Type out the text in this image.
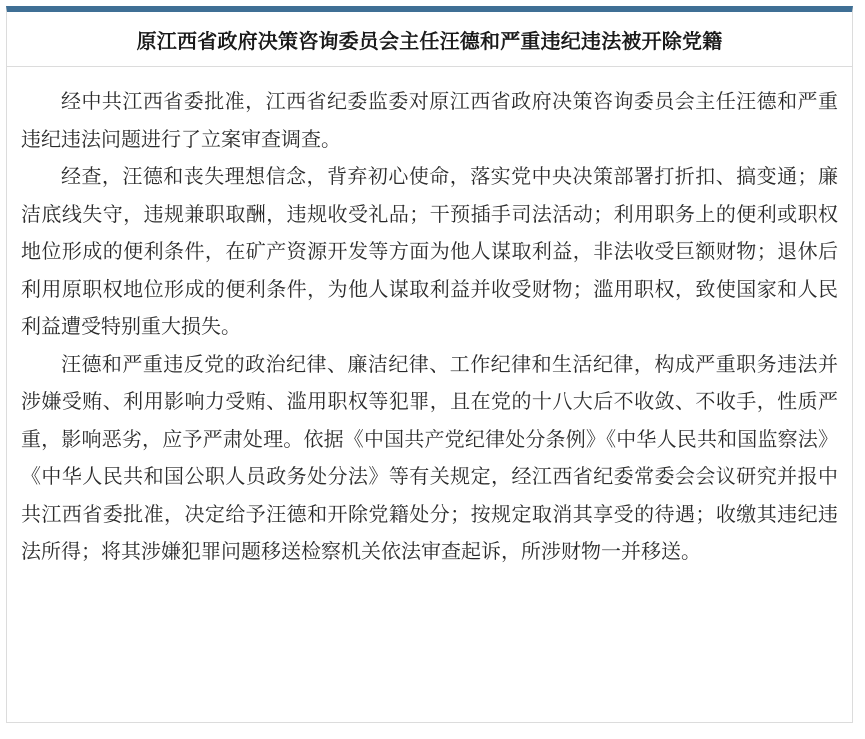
原江西省政府决策咨询委员会主任汪德和严重违纪违法被开除党籍

经中共江西省委批准，江西省纪委监委对原江西省政府决策咨询委员会主任汪德和严重违纪违法问题进行了立案审查调查。

经查，汪德和丧失理想信念，背弃初心使命，落实党中央决策部署打折扣、搞变通；廉洁底线失守，违规兼职取酬，违规收受礼品；干预插手司法活动；利用职务上的便利或职权地位形成的便利条件，在矿产资源开发等方面为他人谋取利益，非法收受巨额财物；退休后利用原职权地位形成的便利条件，为他人谋取利益并收受财物；滥用职权，致使国家和人民利益遭受特别重大损失。

汪德和严重违反党的政治纪律、廉洁纪律、工作纪律和生活纪律，构成严重职务违法并涉嫌受贿、利用影响力受贿、滥用职权等犯罪，且在党的十八大后不收敛、不收手，性质严重，影响恶劣，应予严肃处理。依据《中国共产党纪律处分条例》《中华人民共和国监察法》《中华人民共和国公职人员政务处分法》等有关规定，经江西省纪委常委会会议研究并报中共江西省委批准，决定给予汪德和开除党籍处分；按规定取消其享受的待遇；收缴其违纪违法所得；将其涉嫌犯罪问题移送检察机关依法审查起诉，所涉财物一并移送。
